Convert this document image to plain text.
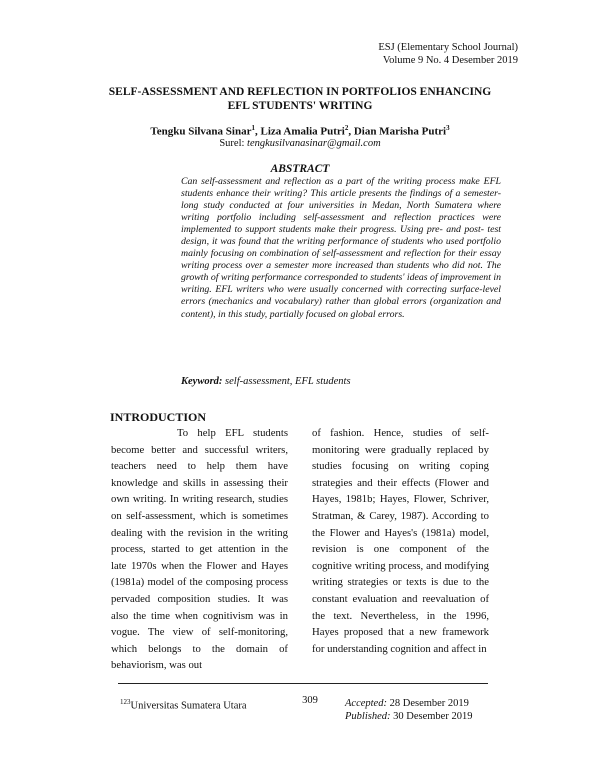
ESJ (Elementary School Journal)
Volume 9 No. 4 Desember 2019
SELF-ASSESSMENT AND REFLECTION IN PORTFOLIOS ENHANCING
EFL STUDENTS' WRITING
Tengku Silvana Sinar$^1$, Liza Amalia Putri$^2$, Dian Marisha Putri$^3$
Surel: tengkusilvanasinar@gmail.com
ABSTRACT

Can self-assessment and reflection as a part of the writing process make EFL students enhance their writing? This article presents the findings of a semester-long study conducted at four universities in Medan, North Sumatera where writing portfolio including self-assessment and reflection practices were implemented to support students make their progress. Using pre- and post- test design, it was found that the writing performance of students who used portfolio mainly focusing on combination of self-assessment and reflection for their essay writing process over a semester more increased than students who did not. The growth of writing performance corresponded to students' ideas of improvement in writing. EFL writers who were usually concerned with correcting surface-level errors (mechanics and vocabulary) rather than global errors (organization and content), in this study, partially focused on global errors.

Keyword: self-assessment, EFL students
INTRODUCTION

To help EFL students become better and successful writers, teachers need to help them have knowledge and skills in assessing their own writing. In writing research, studies on self-assessment, which is sometimes dealing with the revision in the writing process, started to get attention in the late 1970s when the Flower and Hayes (1981a) model of the composing process pervaded composition studies. It was also the time when cognitivism was in vogue. The view of self-monitoring, which belongs to the domain of behaviorism, was out

of fashion. Hence, studies of self-monitoring were gradually replaced by studies focusing on writing coping strategies and their effects (Flower and Hayes, 1981b; Hayes, Flower, Schriver, Stratman, & Carey, 1987). According to the Flower and Hayes's (1981a) model, revision is one component of the cognitive writing process, and modifying writing strategies or texts is due to the constant evaluation and reevaluation of the text. Nevertheless, in the 1996, Hayes proposed that a new framework for understanding cognition and affect in

$^{123}$Universitas Sumatera Utara	309	Accepted: 28 Desember 2019
Published: 30 Desember 2019
